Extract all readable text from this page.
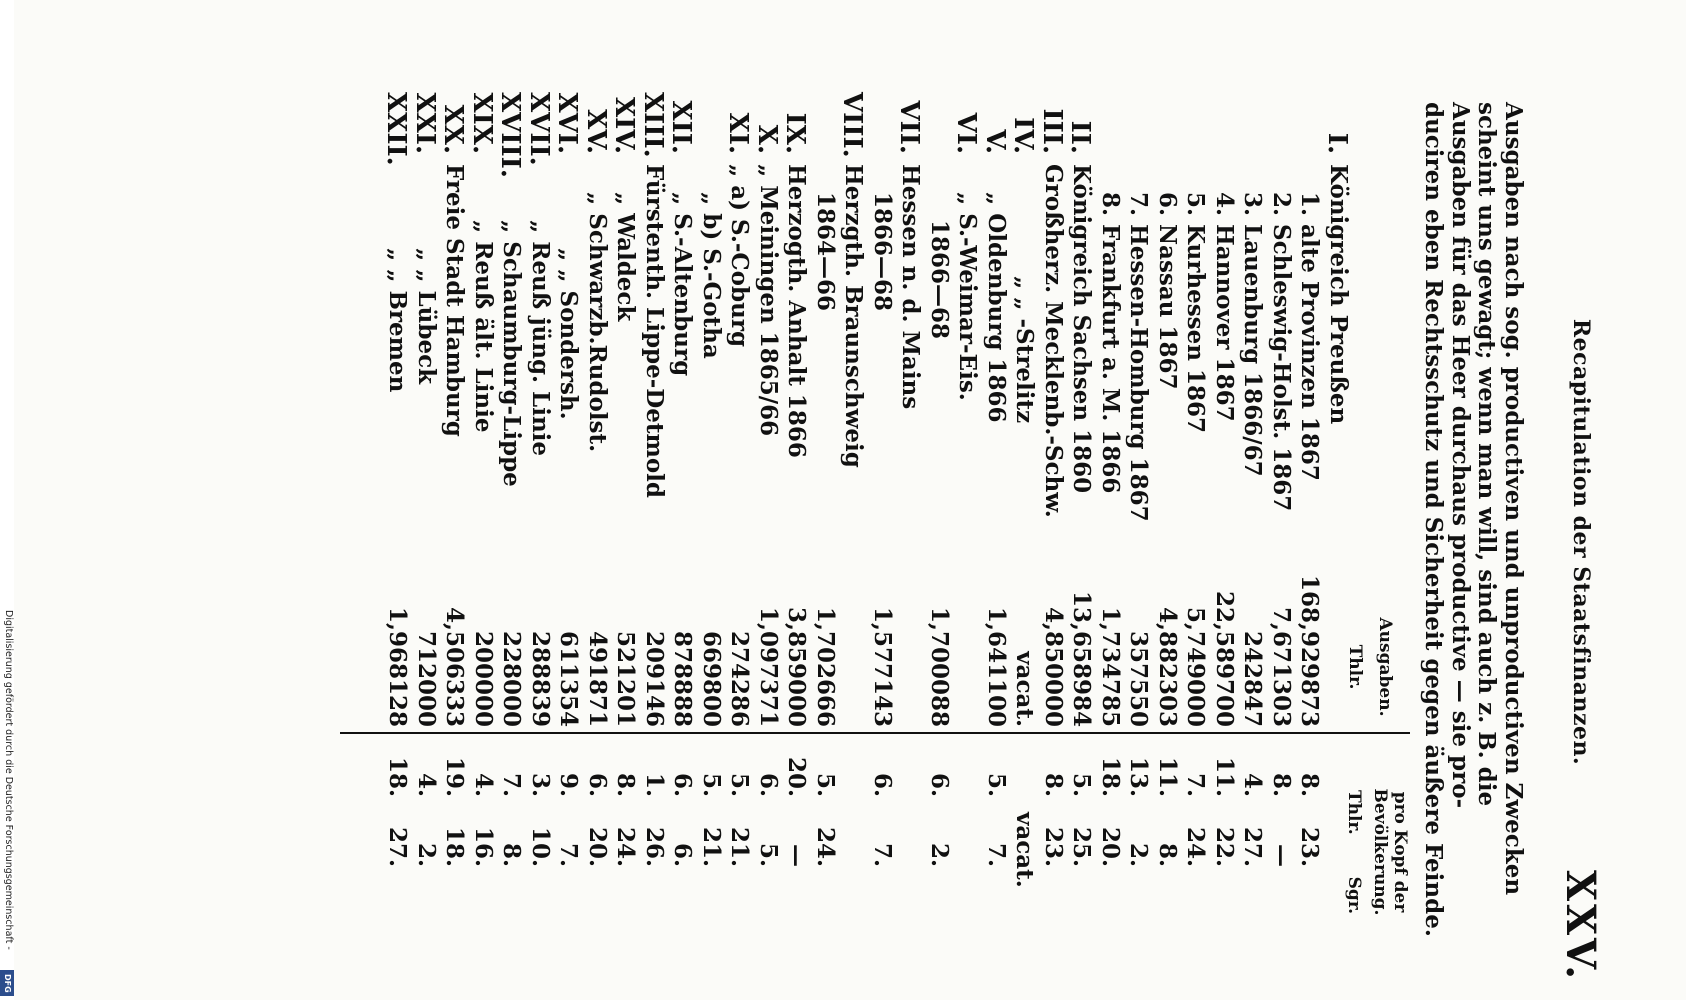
Digitalisierung gefördert durch die Deutsche Forschungsgemeinschaft -
DFG
Recapitulation der Staatsfinanzen.
XXV.
Ausgaben nach sog. productiven und unproductiven Zwecken
scheint uns gewagt; wenn man will, sind auch z. B. die
Ausgaben für das Heer durchaus productive — sie pro-
duciren eben Rechtsschutz und Sicherheit gegen äußere Feinde.
Ausgaben.
Thlr.
pro Kopf der
Bevölkerung.
Thlr.  Sgr.
I.
Königreich Preußen
1. alte Provinzen 1867
168,929873
8.
23.
2. Schleswig-Holst. 1867
7,671303
8.
—
3. Lauenburg 1866/67
242847
4.
27.
4. Hannover 1867
22,589700
11.
22.
5. Kurhessen 1867
5,749000
7.
24.
6. Nassau 1867
4,882303
11.
8.
7. Hessen-Homburg 1867
357550
13.
2.
8. Frankfurt a. M. 1866
1,734785
18.
20.
II.
Königreich Sachsen 1860
13,658984
5.
25.
III.
Großherz. Mecklenb.-Schw.
4,850000
8.
23.
IV.
„ „ -Strelitz
vacat.
vacat.
V.
„ Oldenburg 1866
1,641100
5.
7.
VI.
„ S.-Weimar-Eis.
1866—68
1,700088
6.
2.
VII.
Hessen n. d. Mains
1866—68
1,577143
6.
7.
VIII.
Herzgth. Braunschweig
1864—66
1,702666
5.
24.
IX.
Herzogth. Anhalt 1866
3,859000
20.
—
X.
„ Meiningen 1865/66
1,097371
6.
5.
XI.
„ a) S.-Coburg
274286
5.
21.
„ b) S.-Gotha
669800
5.
21.
XII.
„ S.-Altenburg
878888
6.
6.
XIII.
Fürstenth. Lippe-Detmold
209146
1.
26.
XIV.
„ Waldeck
521201
8.
24.
XV.
„ Schwarzb.Rudolst.
491871
6.
20.
XVI.
„ „ Sondersh.
611354
9.
7.
XVII.
„ Reuß jüng. Linie
288839
3.
10.
XVIII.
„ Schaumburg-Lippe
228000
7.
8.
XIX.
„ Reuß ält. Linie
200000
4.
16.
XX.
Freie Stadt Hamburg
4,506333
19.
18.
XXI.
„ „ Lübeck
712000
4.
2.
XXII.
„ „ Bremen
1,968128
18.
27.
